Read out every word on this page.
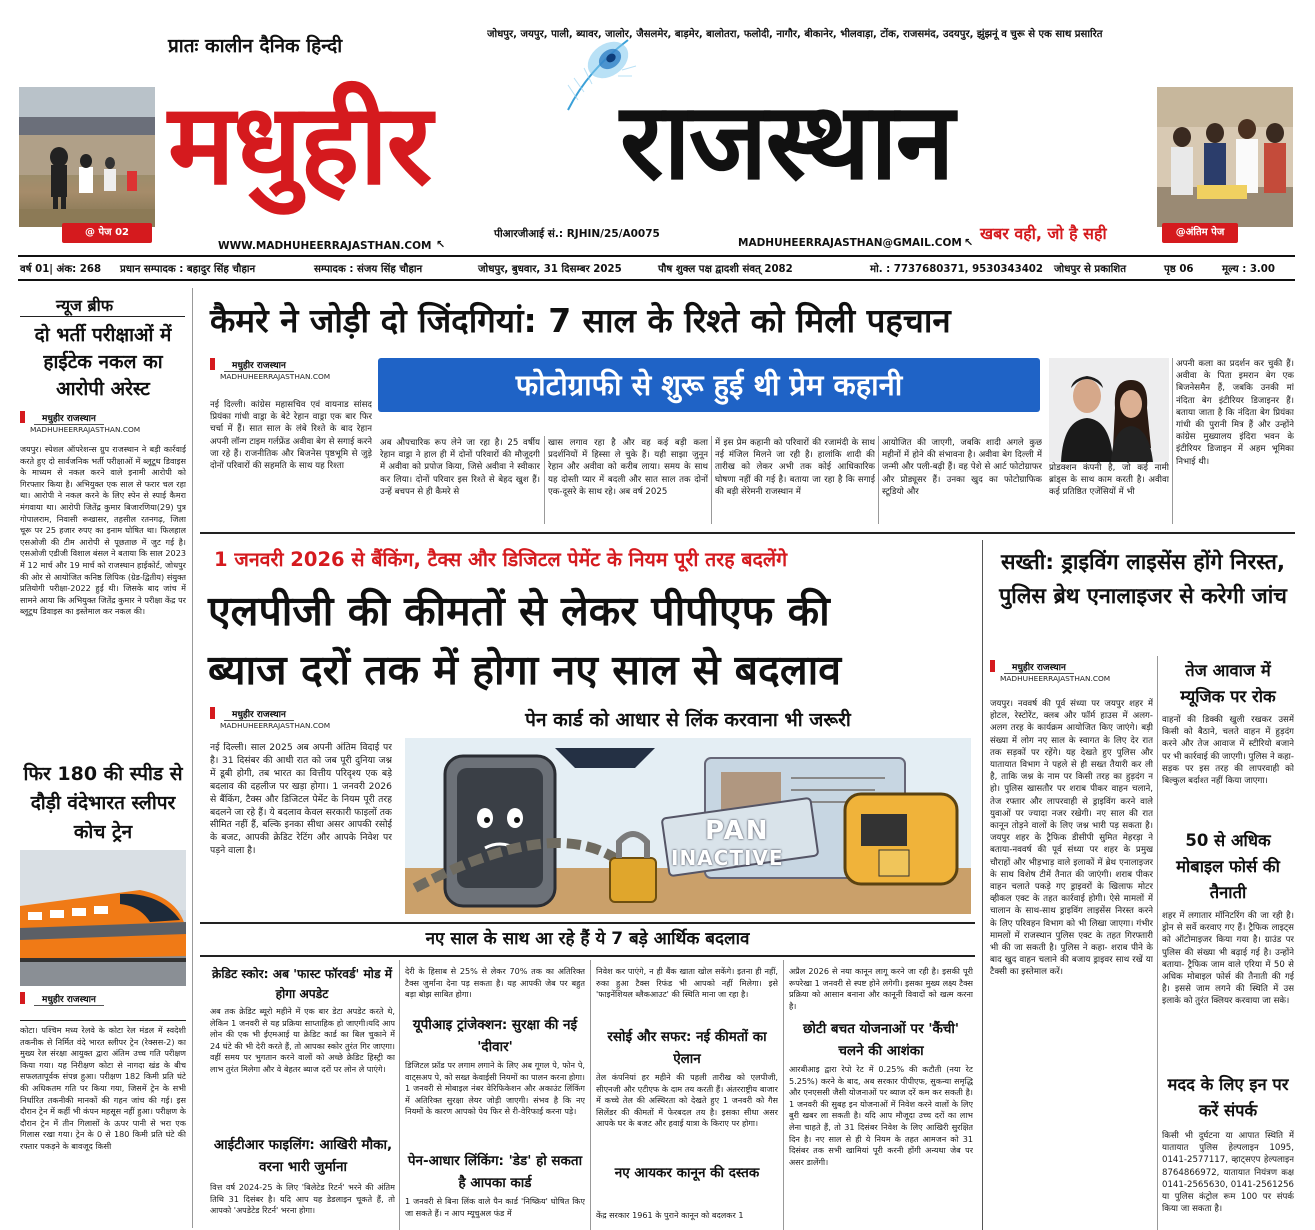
@ पेज 02	@अंतिम पेज
प्रातः कालीन दैनिक हिन्दी
जोधपुर, जयपुर, पाली, ब्यावर, जालोर, जैसलमेर, बाड़मेर, बालोतरा, फलोदी, नागौर, बीकानेर, भीलवाड़ा, टोंक, राजसमंद, उदयपुर, झुंझनूं व चुरू से एक साथ प्रसारित
मधुहीर राजस्थान
WWW.MADHUHEERRAJASTHAN.COM ↖
पीआरजीआई सं.: RJHIN/25/A0075
MADHUHEERRAJASTHAN@GMAIL.COM ↖ खबर वही, जो है सही
वर्ष 01| अंक: 268 प्रधान सम्पादक : बहादुर सिंह चौहान	सम्पादक : संजय सिंह चौहान	जोधपुर, बुधवार, 31 दिसम्बर 2025	पौष शुक्ल पक्ष द्वादशी संवत् 2082	मो. : 7737680371, 9530343402 जोधपुर से प्रकाशित	पृष्ठ 06	मूल्य : 3.00
न्यूज ब्रीफ
दो भर्ती परीक्षाओं में हाईटेक नकल का आरोपी अरेस्ट
मधुहीर राजस्थान
MADHUHEERRAJASTHAN.COM
जयपुर। स्पेशल ऑपरेशन्स ग्रुप राजस्थान ने बड़ी कार्रवाई करते हुए दो सार्वजनिक भर्ती परीक्षाओं में ब्लूटूथ डिवाइस के माध्यम से नकल करने वाले इनामी आरोपी को गिरफ्तार किया है। अभियुक्त एक साल से फरार चल रहा था। आरोपी ने नकल करने के लिए स्पेन से स्पाई कैमरा मंगवाया था। आरोपी जितेंद्र कुमार बिजारणिया(29) पुत्र गोपालराम, निवासी रूखासर, तहसील रतनगढ़, जिला चूरू पर 25 हजार रुपए का इनाम घोषित था। फिलहाल एसओजी की टीम आरोपी से पूछताछ में जुट गई है। एसओजी एडीजी विशाल बंसल ने बताया कि साल 2023 में 12 मार्च और 19 मार्च को राजस्थान हाईकोर्ट, जोधपुर की ओर से आयोजित कनिष्ठ लिपिक (ग्रेड-द्वितीय) संयुक्त प्रतियोगी परीक्षा-2022 हुई थी। जिसके बाद जांच में सामने आया कि अभियुक्त जितेंद्र कुमार ने परीक्षा केंद्र पर ब्लूटूथ डिवाइस का इस्तेमाल कर नकल की।
फिर 180 की स्पीड से दौड़ी वंदेभारत स्लीपर कोच ट्रेन
मधुहीर राजस्थान
कोटा। पश्चिम मध्य रेलवे के कोटा रेल मंडल में स्वदेशी तकनीक से निर्मित वंदे भारत स्लीपर ट्रेन (रेक्सस-2) का मुख्य रेल संरक्षा आयुक्त द्वारा अंतिम उच्च गति परीक्षण किया गया। यह निरीक्षण कोटा से नागदा खंड के बीच सफलतापूर्वक संपन्न हुआ। परीक्षण 182 किमी प्रति घंटे की अधिकतम गति पर किया गया, जिसमें ट्रेन के सभी निर्धारित तकनीकी मानकों की गहन जांच की गई। इस दौरान ट्रेन में कहीं भी कंपन महसूस नहीं हुआ। परीक्षण के दौरान ट्रेन में तीन गिलासों के ऊपर पानी से भरा एक गिलास रखा गया। ट्रेन के 0 से 180 किमी प्रति घंटे की रफ्तार पकड़ने के बावजूद किसी
कैमरे ने जोड़ी दो जिंदगियां: 7 साल के रिश्ते को मिली पहचान
मधुहीर राजस्थान
MADHUHEERRAJASTHAN.COM	फोटोग्राफी से शुरू हुई थी प्रेम कहानी
नई दिल्ली। कांग्रेस महासचिव एवं वायनाड सांसद प्रियंका गांधी वाड्रा के बेटे रेहान वाड्रा एक बार फिर चर्चा में हैं। सात साल के लंबे रिश्ते के बाद रेहान अपनी लॉन्ग टाइम गर्लफ्रेंड अवीवा बेग से सगाई करने जा रहे हैं। राजनीतिक और बिजनेस पृष्ठभूमि से जुड़े दोनों परिवारों की सहमति के साथ यह रिश्ता
अब औपचारिक रूप लेने जा रहा है। 25 वर्षीय रेहान वाड्रा ने हाल ही में दोनों परिवारों की मौजूदगी में अवीवा को प्रपोज किया, जिसे अवीवा ने स्वीकार कर लिया। दोनों परिवार इस रिश्ते से बेहद खुश हैं। उन्हें बचपन से ही कैमरे से
खास लगाव रहा है और वह कई बड़ी कला प्रदर्शनियों में हिस्सा ले चुके हैं। यही साझा जुनून रेहान और अवीवा को करीब लाया। समय के साथ यह दोस्ती प्यार में बदली और सात साल तक दोनों एक-दूसरे के साथ रहे। अब वर्ष 2025
में इस प्रेम कहानी को परिवारों की रजामंदी के साथ नई मंजिल मिलने जा रही है। हालांकि शादी की तारीख को लेकर अभी तक कोई आधिकारिक घोषणा नहीं की गई है। बताया जा रहा है कि सगाई की बड़ी सेरेमनी राजस्थान में
आयोजित की जाएगी, जबकि शादी अगले कुछ महीनों में होने की संभावना है। अवीवा बेग दिल्ली में जन्मी और पली-बढ़ी हैं। वह पेशे से आर्ट फोटोग्राफर और प्रोड्यूसर हैं। उनका खुद का फोटोग्राफिक स्टूडियो और
प्रोडक्शन कंपनी है, जो कई नामी ब्रांड्स के साथ काम करती है। अवीवा कई प्रतिष्ठित एजेंसियों में भी
अपनी कला का प्रदर्शन कर चुकी हैं। अवीवा के पिता इमरान बेग एक बिजनेसमैन हैं, जबकि उनकी मां नंदिता बेग इंटीरियर डिजाइनर हैं। बताया जाता है कि नंदिता बेग प्रियंका गांधी की पुरानी मित्र हैं और उन्होंने कांग्रेस मुख्यालय इंदिरा भवन के इंटीरियर डिजाइन में अहम भूमिका निभाई थी।
1 जनवरी 2026 से बैंकिंग, टैक्स और डिजिटल पेमेंट के नियम पूरी तरह बदलेंगे
एलपीजी की कीमतों से लेकर पीपीएफ की
ब्याज दरों तक में होगा नए साल से बदलाव
मधुहीर राजस्थान
MADHUHEERRAJASTHAN.COM
नई दिल्ली। साल 2025 अब अपनी अंतिम विदाई पर है। 31 दिसंबर की आधी रात को जब पूरी दुनिया जश्न में डूबी होगी, तब भारत का वित्तीय परिदृश्य एक बड़े बदलाव की दहलीज पर खड़ा होगा। 1 जनवरी 2026 से बैंकिंग, टैक्स और डिजिटल पेमेंट के नियम पूरी तरह बदलने जा रहे हैं। ये बदलाव केवल सरकारी फाइलों तक सीमित नहीं हैं, बल्कि इनका सीधा असर आपकी रसोई के बजट, आपकी क्रेडिट रेटिंग और आपके निवेश पर पड़ने वाला है।
पेन कार्ड को आधार से लिंक करवाना भी जरूरी
PAN
INACTIVE
नए साल के साथ आ रहे हैं ये 7 बड़े आर्थिक बदलाव
क्रेडिट स्कोर: अब 'फास्ट फॉरवर्ड' मोड में होगा अपडेट
अब तक क्रेडिट ब्यूरो महीने में एक बार डेटा अपडेट करते थे, लेकिन 1 जनवरी से यह प्रक्रिया साप्ताहिक हो जाएगी।यदि आप लोन की एक भी ईएमआई या क्रेडिट कार्ड का बिल चुकाने में 24 घंटे की भी देरी करते हैं, तो आपका स्कोर तुरंत गिर जाएगा।वहीं समय पर भुगतान करने वालों को अच्छे क्रेडिट हिस्ट्री का लाभ तुरंत मिलेगा और वे बेहतर ब्याज दरों पर लोन ले पाएंगे।
आईटीआर फाइलिंग: आखिरी मौका, वरना भारी जुर्माना
वित्त वर्ष 2024-25 के लिए 'बिलेटेड रिटर्न' भरने की अंतिम तिथि 31 दिसंबर है। यदि आप यह डेडलाइन चूकते हैं, तो आपको 'अपडेटेड रिटर्न' भरना होगा।
देरी के हिसाब से 25% से लेकर 70% तक का अतिरिक्त टैक्स जुर्माना देना पड़ सकता है। यह आपकी जेब पर बहुत बड़ा बोझ साबित होगा।
यूपीआइ ट्रांजेक्शन: सुरक्षा की नई 'दीवार'
डिजिटल फ्रॉड पर लगाम लगाने के लिए अब गूगल पे, फोन पे, वाट्सअप पे, को सख्त केवाईसी नियमों का पालन करना होगा। 1 जनवरी से मोबाइल नंबर वेरिफिकेशन और अकाउंट लिंकिंग में अतिरिक्त सुरक्षा लेयर जोड़ी जाएगी। संभव है कि नए नियमों के कारण आपको पेय फिर से री-वेरिफाई करना पड़े।
पेन-आधार लिंकिंग: 'डेड' हो सकता है आपका कार्ड
1 जनवरी से बिना लिंक वाले पैन कार्ड 'निष्क्रिय' घोषित किए जा सकते हैं। न आप म्यूचुअल फंड में
निवेश कर पाएंगे, न ही बैंक खाता खोल सकेंगे। इतना ही नहीं, रुका हुआ टैक्स रिफंड भी आपको नहीं मिलेगा। इसे 'फाइनेंशियल ब्लैकआउट' की स्थिति माना जा रहा है।
रसोई और सफर: नई कीमतों का ऐलान
तेल कंपनियां हर महीने की पहली तारीख को एलपीजी, सीएनजी और एटीएफ के दाम तय करती हैं। अंतरराष्ट्रीय बाजार में कच्चे तेल की अस्थिरता को देखते हुए 1 जनवरी को गैस सिलेंडर की कीमतों में फेरबदल तय है। इसका सीधा असर आपके घर के बजट और हवाई यात्रा के किराए पर होगा।
नए आयकर कानून की दस्तक
केंद्र सरकार 1961 के पुराने कानून को बदलकर 1
अप्रैल 2026 से नया कानून लागू करने जा रही है। इसकी पूरी रूपरेखा 1 जनवरी से स्पष्ट होने लगेगी। इसका मुख्य लक्ष्य टैक्स प्रक्रिया को आसान बनाना और कानूनी विवादों को खत्म करना है।
छोटी बचत योजनाओं पर 'कैंची' चलने की आशंका
आरबीआइ द्वारा रेपो रेट में 0.25% की कटौती (नया रेट 5.25%) करने के बाद, अब सरकार पीपीएफ, सुकन्या समृद्धि और एनएससी जैसी योजनाओं पर ब्याज दरें कम कर सकती है। 1 जनवरी की सुबह इन योजनाओं में निवेश करने वालों के लिए बुरी खबर ला सकती है। यदि आप मौजूदा उच्च दरों का लाभ लेना चाहते हैं, तो 31 दिसंबर निवेश के लिए आखिरी सुरक्षित दिन है। नए साल से ही ये नियम के तहत आमजन को 31 दिसंबर तक सभी खामियां पूरी करनी होंगी अन्यथा जेब पर असर डालेंगी।
सख्ती: ड्राइविंग लाइसेंस होंगे निरस्त, पुलिस ब्रेथ एनालाइजर से करेगी जांच
मधुहीर राजस्थान
MADHUHEERRAJASTHAN.COM
जयपुर। नववर्ष की पूर्व संध्या पर जयपुर शहर में होटल, रेस्टोरेंट, क्लब और फॉर्म हाउस में अलग-अलग तरह के कार्यक्रम आयोजित किए जाएंगे। बड़ी संख्या में लोग नए साल के स्वागत के लिए देर रात तक सड़कों पर रहेंगे। यह देखते हुए पुलिस और यातायात विभाग ने पहले से ही सख्त तैयारी कर ली है, ताकि जश्न के नाम पर किसी तरह का हुड़दंग न हो। पुलिस खासतौर पर शराब पीकर वाहन चलाने, तेज रफ्तार और लापरवाही से ड्राइविंग करने वाले युवाओं पर ज्यादा नजर रखेगी। नए साल की रात कानून तोड़ने वालों के लिए जश्न भारी पड़ सकता है। जयपुर शहर के ट्रैफिक डीसीपी सुमित मेहरड़ा ने बताया-नववर्ष की पूर्व संध्या पर शहर के प्रमुख चौराहों और भीड़भाड़ वाले इलाकों में ब्रेथ एनालाइजर के साथ विशेष टीमें तैनात की जाएंगी। शराब पीकर वाहन चलाते पकड़े गए ड्राइवरों के खिलाफ मोटर व्हीकल एक्ट के तहत कार्रवाई होगी। ऐसे मामलों में चालान के साथ-साथ ड्राइविंग लाइसेंस निरस्त करने के लिए परिवहन विभाग को भी लिखा जाएगा। गंभीर मामलों में राजस्थान पुलिस एक्ट के तहत गिरफ्तारी भी की जा सकती है। पुलिस ने कहा- शराब पीने के बाद खुद वाहन चलाने की बजाय ड्राइवर साथ रखें या टैक्सी का इस्तेमाल करें।
तेज आवाज में म्यूजिक पर रोक
वाहनों की डिक्की खुली रखकर उसमें किसी को बैठाने, चलते वाहन में हुड़दंग करने और तेज आवाज में स्टीरियो बजाने पर भी कार्रवाई की जाएगी। पुलिस ने कहा- सड़क पर इस तरह की लापरवाही को बिल्कुल बर्दाश्त नहीं किया जाएगा।
50 से अधिक मोबाइल फोर्स की तैनाती
शहर में लगातार मॉनिटरिंग की जा रही है। ड्रोन से सर्वे करवाए गए हैं। ट्रैफिक लाइट्स को ऑटोमाइजर किया गया है। ग्राउंड पर पुलिस की संख्या भी बढ़ाई गई है। उन्होंने बताया- ट्रैफिक जाम वाले एरिया में 50 से अधिक मोबाइल फोर्स की तैनाती की गई है। इससे जाम लगने की स्थिति में उस इलाके को तुरंत क्लियर करवाया जा सके।
मदद के लिए इन पर करें संपर्क
किसी भी दुर्घटना या आपात स्थिति में यातायात पुलिस हेल्पलाइन 1095, 0141-2577117, व्हाट्सएप हेल्पलाइन 8764866972, यातायात नियंत्रण कक्ष 0141-2565630, 0141-2561256 या पुलिस कंट्रोल रूम 100 पर संपर्क किया जा सकता है।
